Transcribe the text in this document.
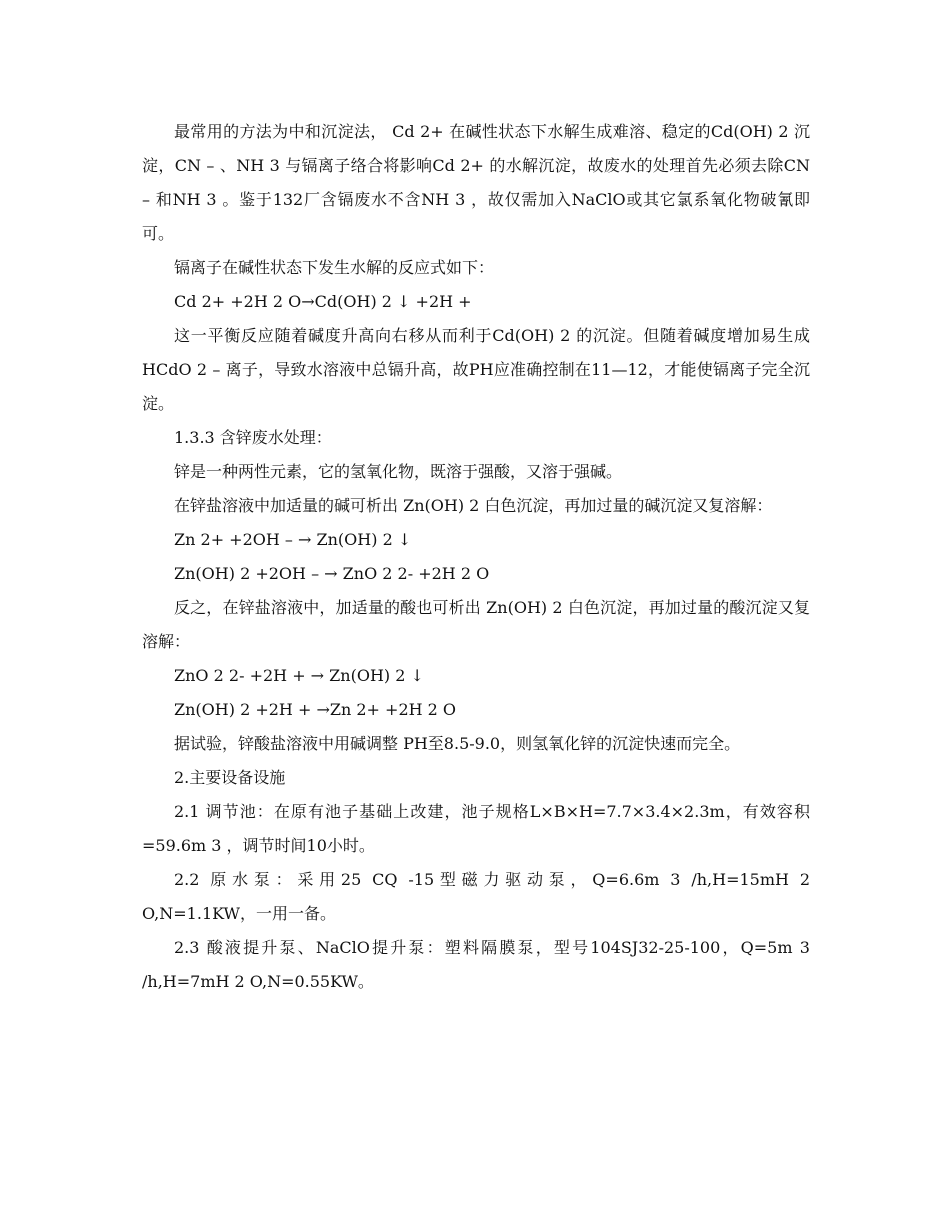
最常用的方法为中和沉淀法， Cd 2+ 在碱性状态下水解生成难溶、稳定的Cd(OH) 2 沉淀，CN – 、NH 3 与镉离子络合将影响Cd 2+ 的水解沉淀，故废水的处理首先必须去除CN – 和NH 3 。鉴于132厂含镉废水不含NH 3 ，故仅需加入NaClO或其它氯系氧化物破氰即可。

镉离子在碱性状态下发生水解的反应式如下：

Cd 2+ +2H 2 O→Cd(OH) 2 ↓ +2H +

这一平衡反应随着碱度升高向右移从而利于Cd(OH) 2 的沉淀。但随着碱度增加易生成HCdO 2 – 离子，导致水溶液中总镉升高，故PH应准确控制在11—12，才能使镉离子完全沉淀。

1.3.3 含锌废水处理：

锌是一种两性元素，它的氢氧化物，既溶于强酸，又溶于强碱。

在锌盐溶液中加适量的碱可析出 Zn(OH) 2 白色沉淀，再加过量的碱沉淀又复溶解：

Zn 2+ +2OH – → Zn(OH) 2 ↓

Zn(OH) 2 +2OH – → ZnO 2 2- +2H 2 O

反之，在锌盐溶液中，加适量的酸也可析出 Zn(OH) 2 白色沉淀，再加过量的酸沉淀又复溶解：

ZnO 2 2- +2H + → Zn(OH) 2 ↓

Zn(OH) 2 +2H + →Zn 2+ +2H 2 O

据试验，锌酸盐溶液中用碱调整 PH至8.5-9.0，则氢氧化锌的沉淀快速而完全。

2.主要设备设施

2.1 调节池：在原有池子基础上改建，池子规格L×B×H=7.7×3.4×2.3m，有效容积=59.6m 3 ，调节时间10小时。

2.2 原水泵：采用25 CQ -15型磁力驱动泵，Q=6.6m 3 /h,H=15mH 2 O,N=1.1KW，一用一备。

2.3 酸液提升泵、NaClO提升泵：塑料隔膜泵，型号104SJ32-25-100，Q=5m 3 /h,H=7mH 2 O,N=0.55KW。
